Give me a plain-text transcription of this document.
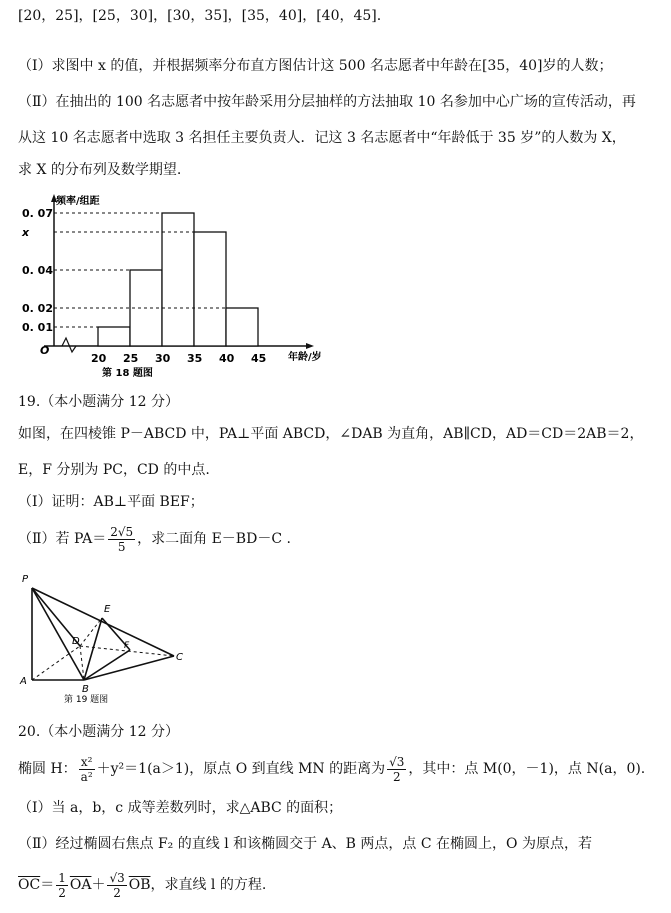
[20，25]，[25，30]，[30，35]，[35，40]，[40，45].
（Ⅰ）求图中 x 的值，并根据频率分布直方图估计这 500 名志愿者中年龄在[35，40]岁的人数；
（Ⅱ）在抽出的 100 名志愿者中按年龄采用分层抽样的方法抽取 10 名参加中心广场的宣传活动，再
从这 10 名志愿者中选取 3 名担任主要负责人．记这 3 名志愿者中“年龄低于 35 岁”的人数为 X，
求 X 的分布列及数学期望.
O
频率/组距
年龄/岁
0. 01
0. 02
0. 04
x
0. 07
20 25 30 35 40 45
第 18 题图
19.（本小题满分 12 分）
如图，在四棱锥 P－ABCD 中，PA⊥平面 ABCD，∠DAB 为直角，AB∥CD，AD＝CD＝2AB＝2，
E，F 分别为 PC，CD 的中点.
（Ⅰ）证明：AB⊥平面 BEF；
（Ⅱ）若 $PA= \frac{2√5}{5}$ ，求二面角 E－BD－C .
P
E
D	F
C
A
B
第 19 题图
20.（本小题满分 12 分）
椭圆 H： $\frac{\text{x²}}{\text{a²}} +y^2=1(a>1)$，原点 O 到直线 MN 的距离为 $\frac{√3}{2}$ ，其中：点 M(0，－1)，点 N(a，0).
（Ⅰ）当 a，b，c 成等差数列时，求△ABC 的面积；
（Ⅱ）经过椭圆右焦点 F₂ 的直线 l 和该椭圆交于 A、B 两点，点 C 在椭圆上，O 为原点，若
$\overline{OC}= \frac{1}{2} \overline{OA}+ \frac{√3}{2} \overline{OB}$，求直线 l 的方程.
